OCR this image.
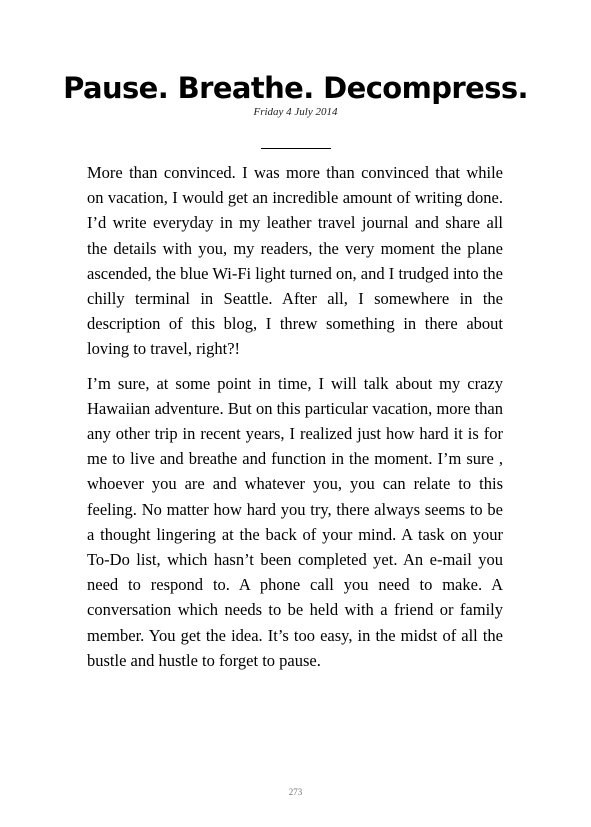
Pause. Breathe. Decompress.
Friday 4 July 2014

More than convinced. I was more than convinced that while on vacation, I would get an incredible amount of writing done. I’d write everyday in my leather travel journal and share all the details with you, my readers, the very moment the plane ascended, the blue Wi-Fi light turned on, and I trudged into the chilly terminal in Seattle. After all, I somewhere in the description of this blog, I threw something in there about loving to travel, right?!

I’m sure, at some point in time, I will talk about my crazy Hawaiian adventure. But on this particular vacation, more than any other trip in recent years, I realized just how hard it is for me to live and breathe and function in the moment. I’m sure , whoever you are and whatever you, you can relate to this feeling. No matter how hard you try, there always seems to be a thought lingering at the back of your mind. A task on your To-Do list, which hasn’t been completed yet. An e-mail you need to respond to. A phone call you need to make. A conversation which needs to be held with a friend or family member. You get the idea. It’s too easy, in the midst of all the bustle and hustle to forget to pause.

273
